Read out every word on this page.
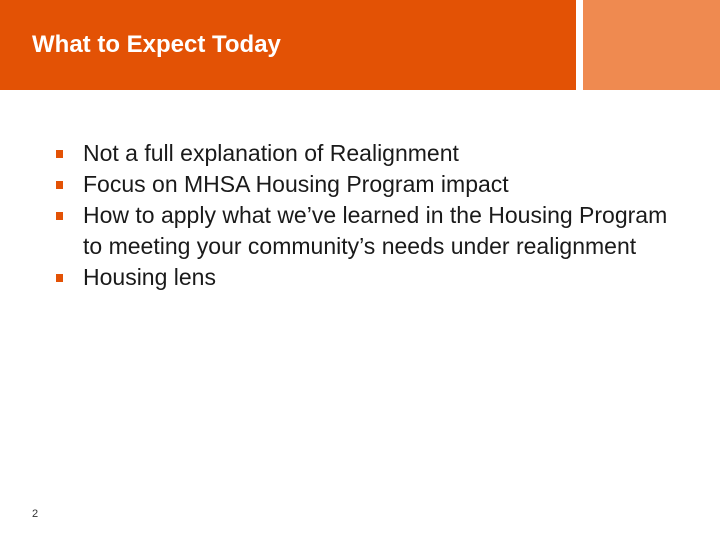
What to Expect Today
Not a full explanation of Realignment
Focus on MHSA Housing Program impact
How to apply what we’ve learned in the Housing Program to meeting your community’s needs under realignment
Housing lens
2
